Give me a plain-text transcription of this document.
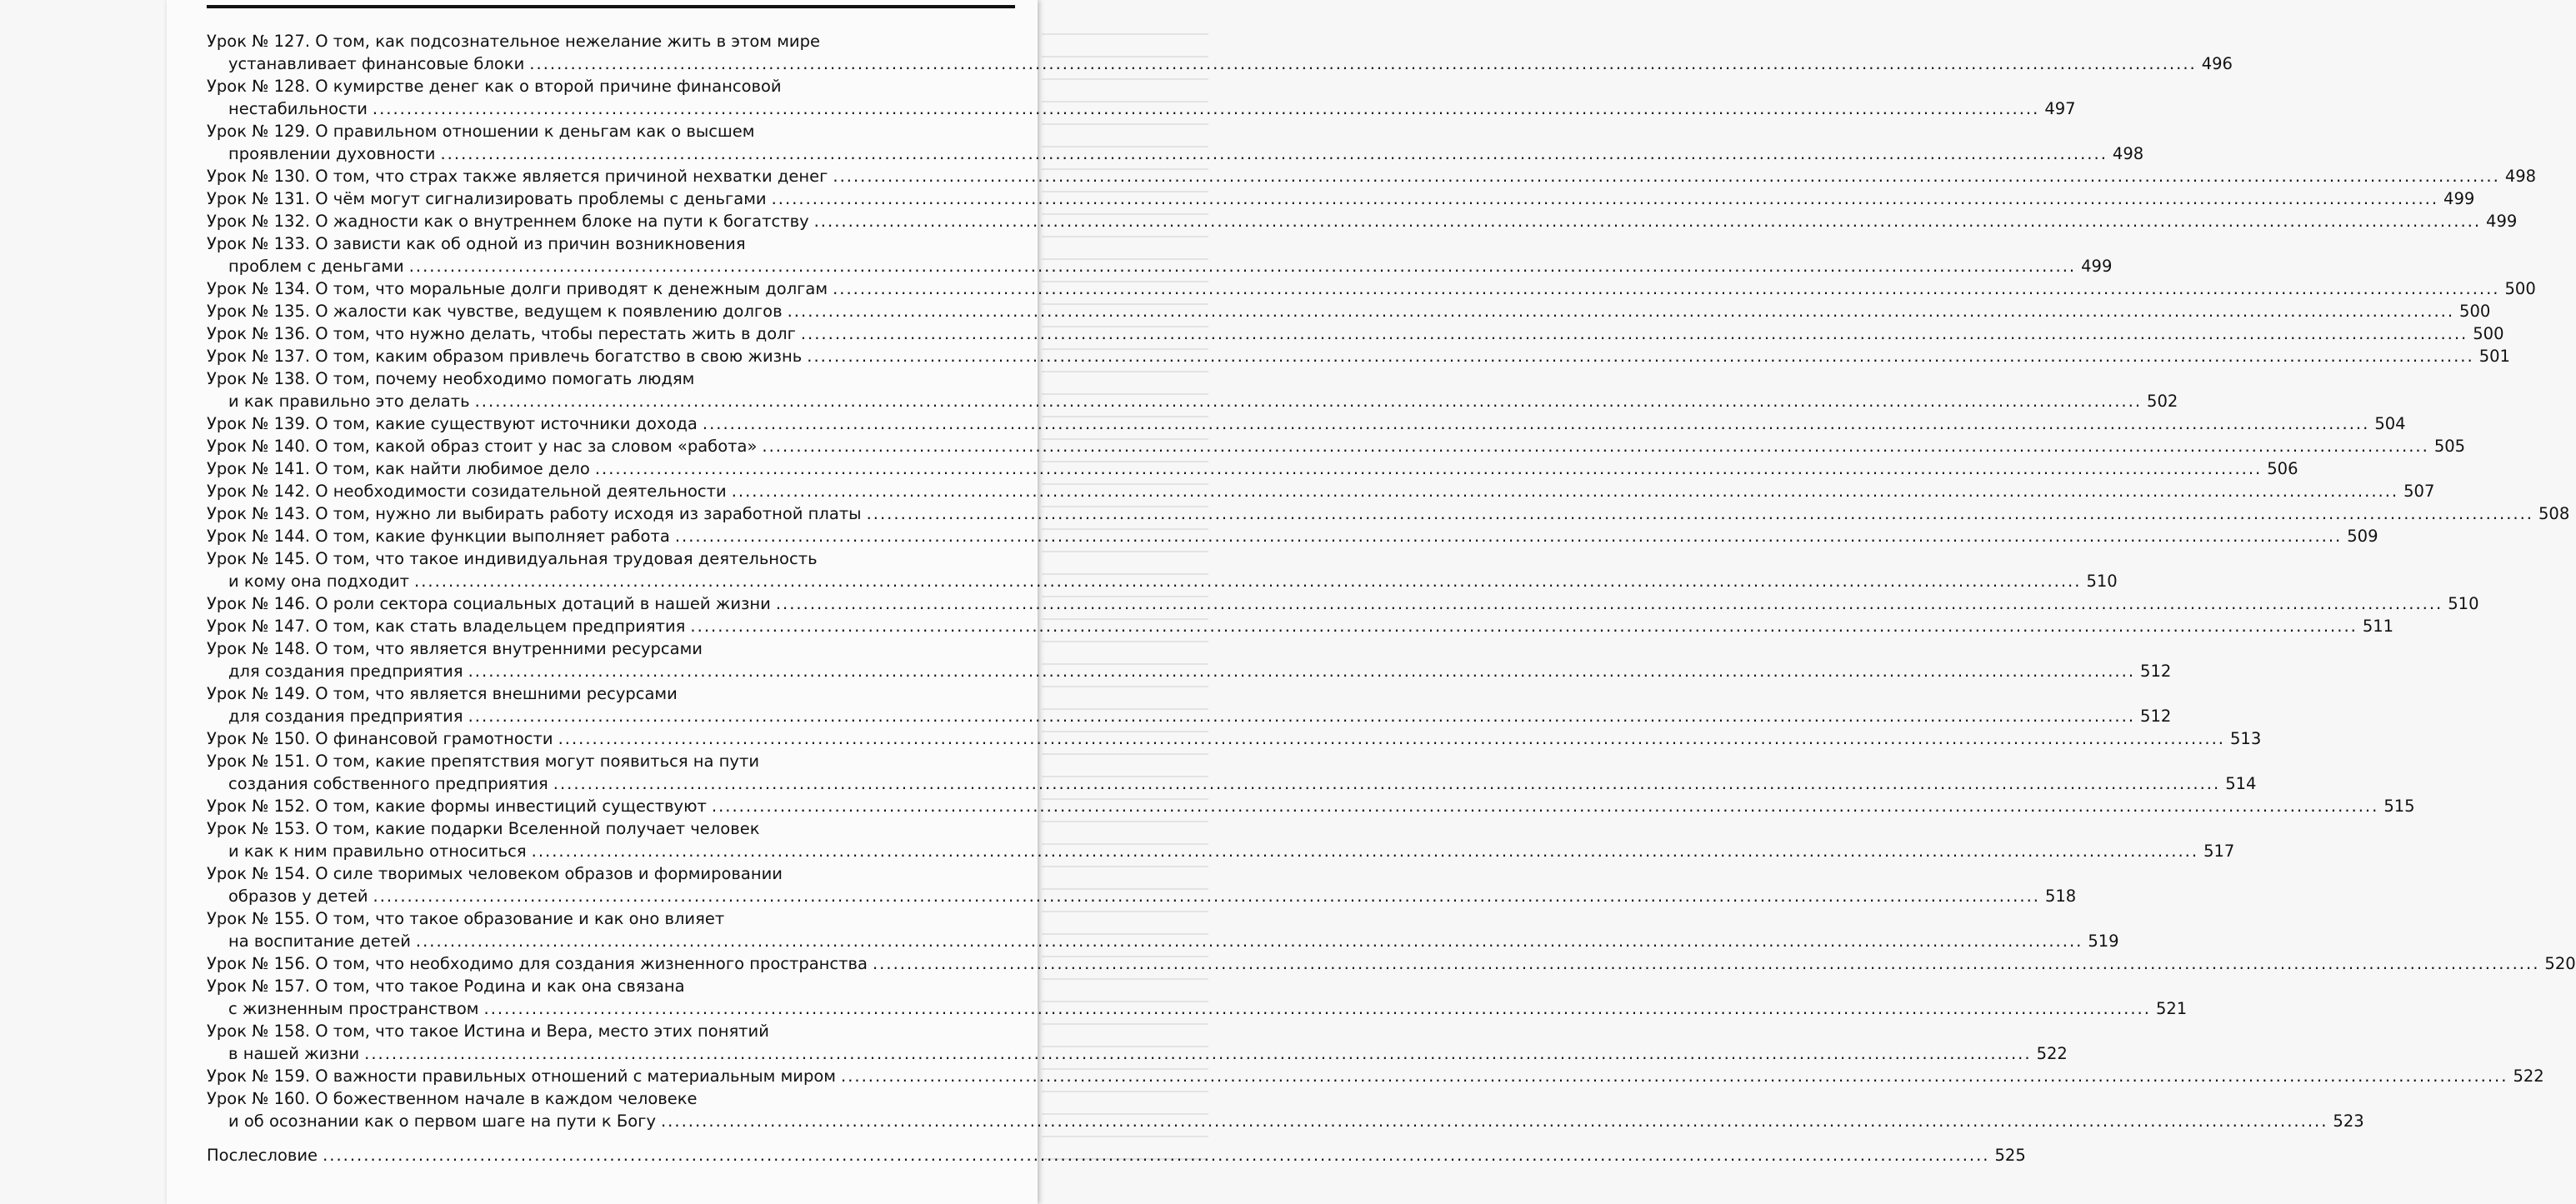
Урок № 127. О том, как подсознательное нежелание жить в этом мире
устанавливает финансовые блоки .....	496
Урок № 128. О кумирстве денег как о второй причине финансовой
нестабильности .....	497
Урок № 129. О правильном отношении к деньгам как о высшем
проявлении духовности .....	498
Урок № 130. О том, что страх также является причиной нехватки денег .....	498
Урок № 131. О чём могут сигнализировать проблемы с деньгами .....	499
Урок № 132. О жадности как о внутреннем блоке на пути к богатству .....	499
Урок № 133. О зависти как об одной из причин возникновения
проблем с деньгами .....	499
Урок № 134. О том, что моральные долги приводят к денежным долгам .....	500
Урок № 135. О жалости как чувстве, ведущем к появлению долгов .....	500
Урок № 136. О том, что нужно делать, чтобы перестать жить в долг .....	500
Урок № 137. О том, каким образом привлечь богатство в свою жизнь .....	501
Урок № 138. О том, почему необходимо помогать людям
и как правильно это делать .....	502
Урок № 139. О том, какие существуют источники дохода .....	504
Урок № 140. О том, какой образ стоит у нас за словом «работа» .....	505
Урок № 141. О том, как найти любимое дело .....	506
Урок № 142. О необходимости созидательной деятельности .....	507
Урок № 143. О том, нужно ли выбирать работу исходя из заработной платы .....	508
Урок № 144. О том, какие функции выполняет работа .....	509
Урок № 145. О том, что такое индивидуальная трудовая деятельность
и кому она подходит .....	510
Урок № 146. О роли сектора социальных дотаций в нашей жизни .....	510
Урок № 147. О том, как стать владельцем предприятия .....	511
Урок № 148. О том, что является внутренними ресурсами
для создания предприятия .....	512
Урок № 149. О том, что является внешними ресурсами
для создания предприятия .....	512
Урок № 150. О финансовой грамотности .....	513
Урок № 151. О том, какие препятствия могут появиться на пути
создания собственного предприятия .....	514
Урок № 152. О том, какие формы инвестиций существуют .....	515
Урок № 153. О том, какие подарки Вселенной получает человек
и как к ним правильно относиться .....	517
Урок № 154. О силе творимых человеком образов и формировании
образов у детей .....	518
Урок № 155. О том, что такое образование и как оно влияет
на воспитание детей .....	519
Урок № 156. О том, что необходимо для создания жизненного пространства .....	520
Урок № 157. О том, что такое Родина и как она связана
с жизненным пространством .....	521
Урок № 158. О том, что такое Истина и Вера, место этих понятий
в нашей жизни .....	522
Урок № 159. О важности правильных отношений с материальным миром .....	522
Урок № 160. О божественном начале в каждом человеке
и об осознании как о первом шаге на пути к Богу .....	523
Послесловие .....	525
